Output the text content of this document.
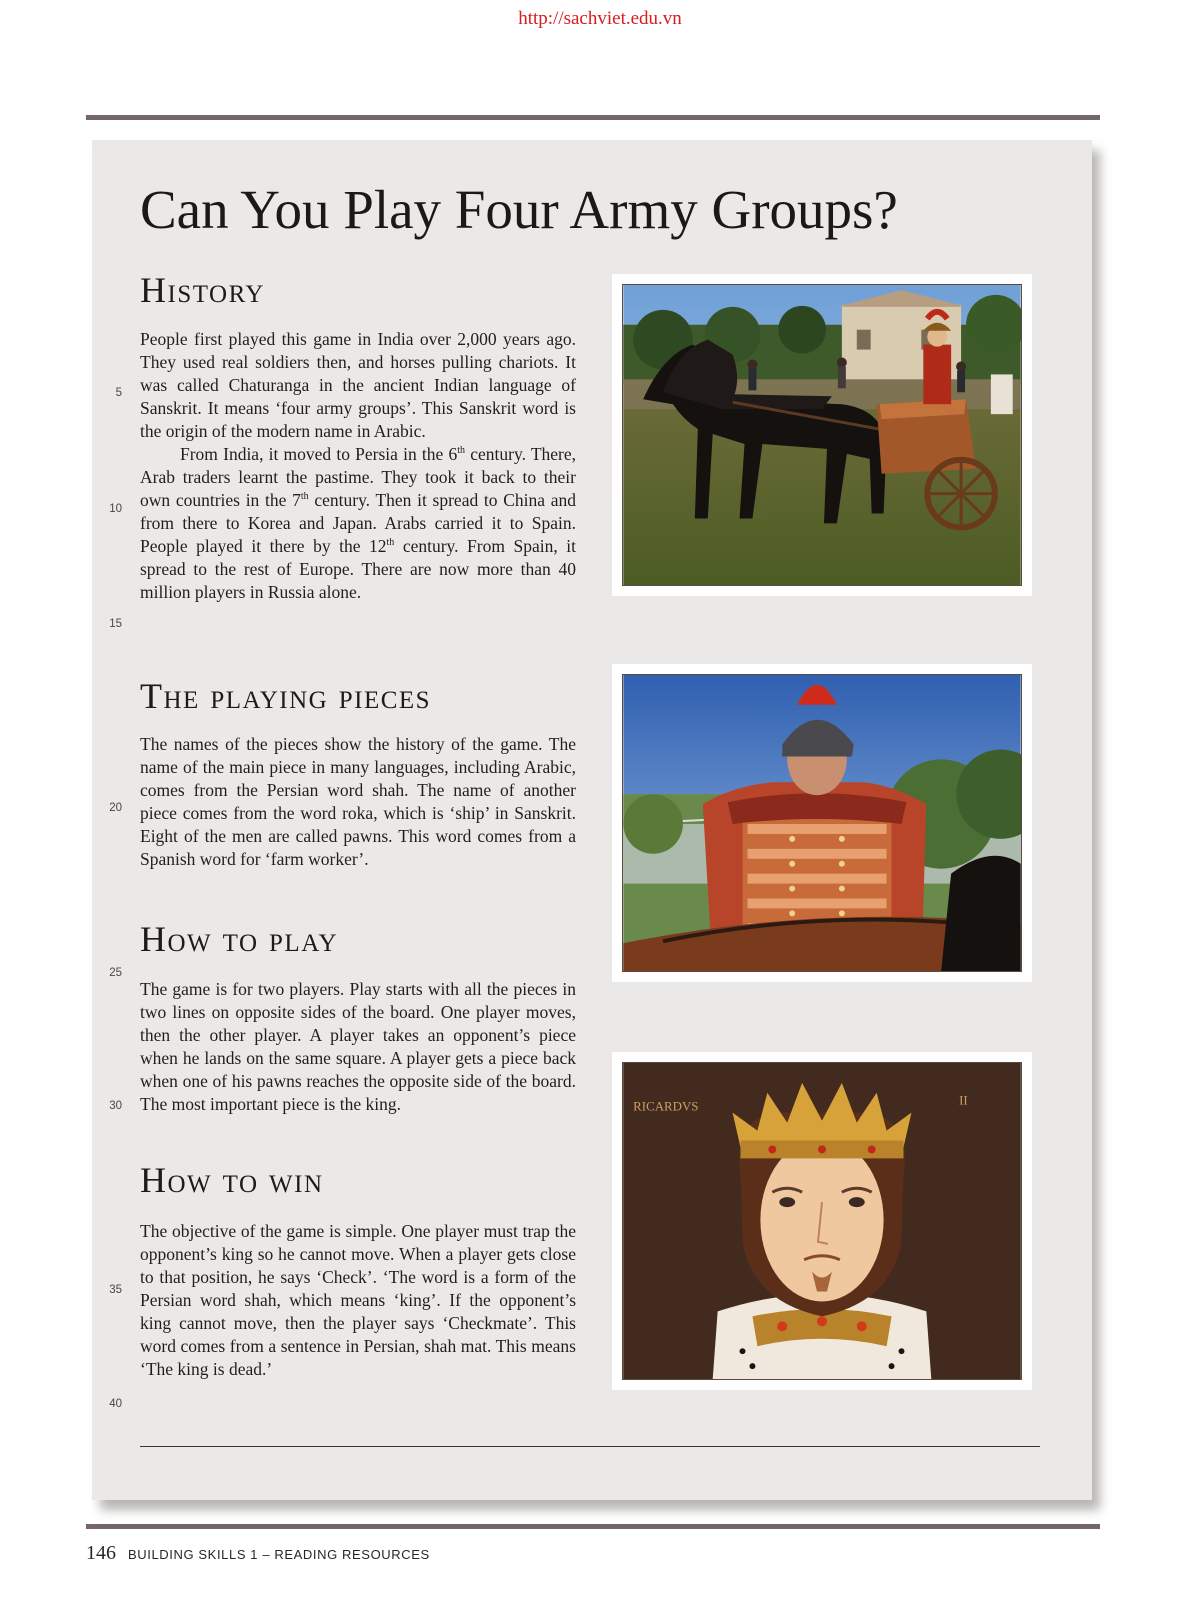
http://sachviet.edu.vn
Can You Play Four Army Groups?
History

People first played this game in India over 2,000 years ago. They used real soldiers then, and horses pulling chariots. It was called Chaturanga in the ancient Indian language of Sanskrit. It means ‘four army groups’. This Sanskrit word is the origin of the modern name in Arabic.

From India, it moved to Persia in the 6th century. There, Arab traders learnt the pastime. They took it back to their own countries in the 7th century. Then it spread to China and from there to Korea and Japan. Arabs carried it to Spain. People played it there by the 12th century. From Spain, it spread to the rest of Europe. There are now more than 40 million players in Russia alone.

The playing pieces

The names of the pieces show the history of the game. The name of the main piece in many languages, including Arabic, comes from the Persian word shah. The name of another piece comes from the word roka, which is ‘ship’ in Sanskrit. Eight of the men are called pawns. This word comes from a Spanish word for ‘farm worker’.

How to play

The game is for two players. Play starts with all the pieces in two lines on opposite sides of the board. One player moves, then the other player. A player takes an opponent’s piece when he lands on the same square. A player gets a piece back when one of his pawns reaches the opposite side of the board. The most important piece is the king.

How to win

The objective of the game is simple. One player must trap the opponent’s king so he cannot move. When a player gets close to that position, he says ‘Check’. ‘The word is a form of the Persian word shah, which means ‘king’. If the opponent’s king cannot move, then the player says ‘Checkmate’. This word comes from a sentence in Persian, shah mat. This means ‘The king is dead.’

5
10
15
20
25
30
35
40
RICARDVS	II
146 BUILDING SKILLS 1 – READING RESOURCES
